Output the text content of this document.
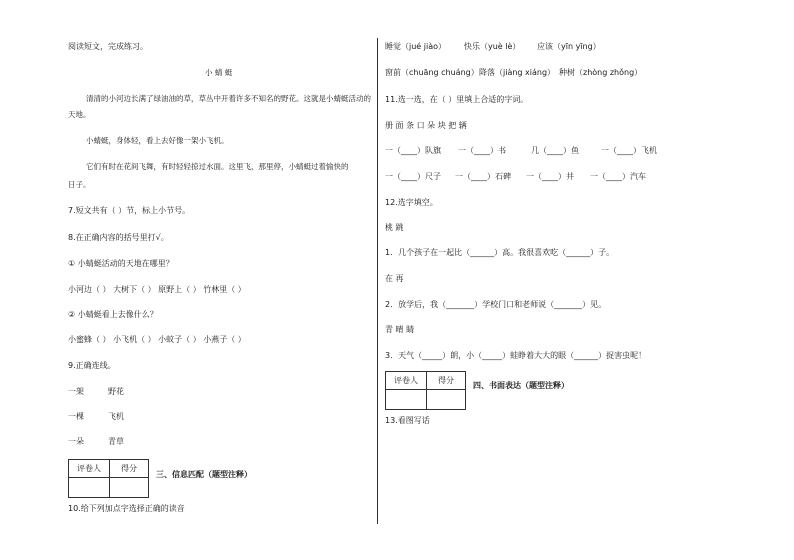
阅读短文，完成练习。
小 蜻 蜓
清清的小河边长满了绿油油的草，草丛中开着许多不知名的野花。这就是小蜻蜓活动的
天地。
小蜻蜓，身体轻，看上去好像一架小飞机。
它们有时在花间飞舞，有时轻轻掠过水面。这里飞，那里停，小蜻蜓过着愉快的
日子。
7.短文共有（ ）节，标上小节号。
8.在正确内容的括号里打√。
① 小蜻蜓活动的天地在哪里？
小河边（ ） 大树下（ ） 原野上（ ） 竹林里（ ）
② 小蜻蜓看上去像什么？
小蜜蜂（ ） 小飞机（ ） 小蚊子（ ） 小燕子（ ）
9.正确连线。
一架	野花
一棵	飞机
一朵	青草
评卷人	得分

三、信息匹配（题型注释）
10.给下列加点字选择正确的读音
睡觉（jué jiào） 快乐（yuè lè） 应该（yīn yīng）
窗前（chuāng chuáng） 降落（jiàng xiáng） 种树（zhòng zhǒng）
11.选一选，在（ ）里填上合适的字词。
册 面 条 口 朵 块 把 辆
一（____）队旗 一（____）书	几（____）鱼	一（____）飞机
一（____）尺子 一（____）石碑 一（____）井 一（____）汽车
12.选字填空。
桃 跳
1．几个孩子在一起比（______）高。我很喜欢吃（______）子。
在 再
2．放学后，我（_______）学校门口和老师说（_______）见。
青 晴 睛
3．天气（_____）朗，小（_____）蛙睁着大大的眼（______）捉害虫呢！
评卷人	得分

四、书面表达（题型注释）
13.看图写话
